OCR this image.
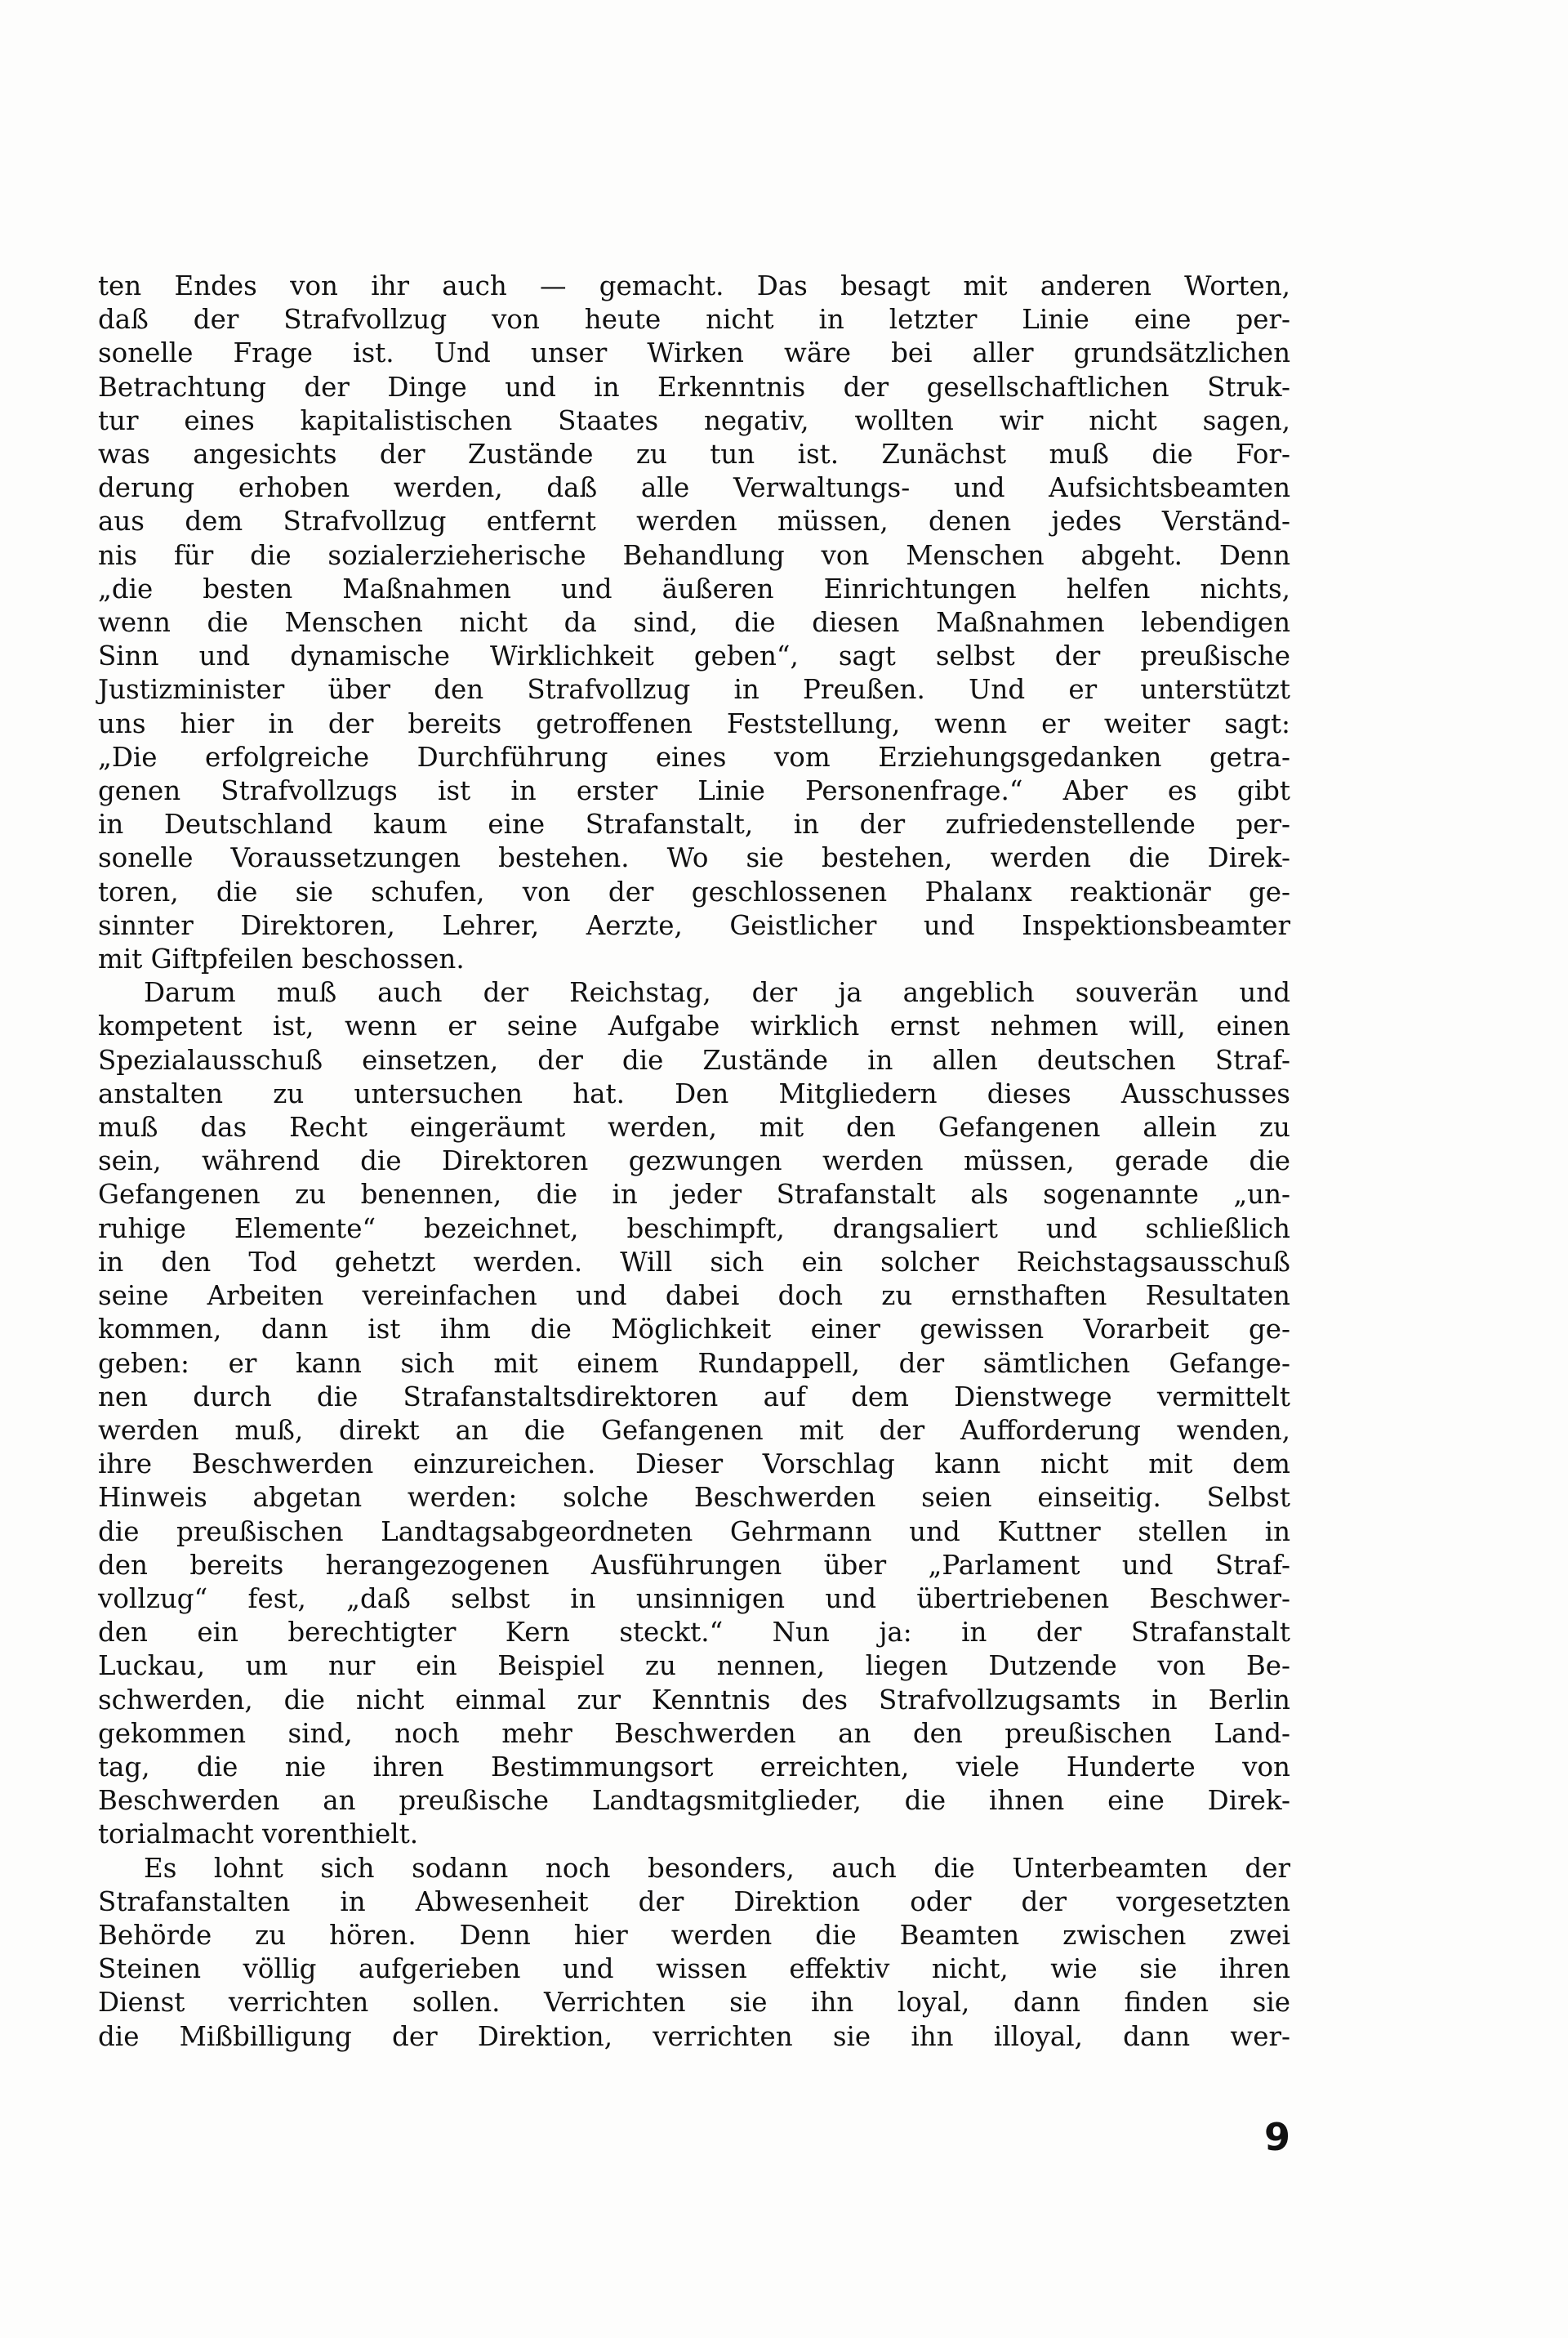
ten Endes von ihr auch — gemacht. Das besagt mit anderen Worten,
daß der Strafvollzug von heute nicht in letzter Linie eine per-
sonelle Frage ist. Und unser Wirken wäre bei aller grundsätzlichen
Betrachtung der Dinge und in Erkenntnis der gesellschaftlichen Struk-
tur eines kapitalistischen Staates negativ, wollten wir nicht sagen,
was angesichts der Zustände zu tun ist. Zunächst muß die For-
derung erhoben werden, daß alle Verwaltungs- und Aufsichtsbeamten
aus dem Strafvollzug entfernt werden müssen, denen jedes Verständ-
nis für die sozialerzieherische Behandlung von Menschen abgeht. Denn
„die besten Maßnahmen und äußeren Einrichtungen helfen nichts,
wenn die Menschen nicht da sind, die diesen Maßnahmen lebendigen
Sinn und dynamische Wirklichkeit geben“, sagt selbst der preußische
Justizminister über den Strafvollzug in Preußen. Und er unterstützt
uns hier in der bereits getroffenen Feststellung, wenn er weiter sagt:
„Die erfolgreiche Durchführung eines vom Erziehungsgedanken getra-
genen Strafvollzugs ist in erster Linie Personenfrage.“ Aber es gibt
in Deutschland kaum eine Strafanstalt, in der zufriedenstellende per-
sonelle Voraussetzungen bestehen. Wo sie bestehen, werden die Direk-
toren, die sie schufen, von der geschlossenen Phalanx reaktionär ge-
sinnter Direktoren, Lehrer, Aerzte, Geistlicher und Inspektionsbeamter
mit Giftpfeilen beschossen.
Darum muß auch der Reichstag, der ja angeblich souverän und
kompetent ist, wenn er seine Aufgabe wirklich ernst nehmen will, einen
Spezialausschuß einsetzen, der die Zustände in allen deutschen Straf-
anstalten zu untersuchen hat. Den Mitgliedern dieses Ausschusses
muß das Recht eingeräumt werden, mit den Gefangenen allein zu
sein, während die Direktoren gezwungen werden müssen, gerade die
Gefangenen zu benennen, die in jeder Strafanstalt als sogenannte „un-
ruhige Elemente“ bezeichnet, beschimpft, drangsaliert und schließlich
in den Tod gehetzt werden. Will sich ein solcher Reichstagsausschuß
seine Arbeiten vereinfachen und dabei doch zu ernsthaften Resultaten
kommen, dann ist ihm die Möglichkeit einer gewissen Vorarbeit ge-
geben: er kann sich mit einem Rundappell, der sämtlichen Gefange-
nen durch die Strafanstaltsdirektoren auf dem Dienstwege vermittelt
werden muß, direkt an die Gefangenen mit der Aufforderung wenden,
ihre Beschwerden einzureichen. Dieser Vorschlag kann nicht mit dem
Hinweis abgetan werden: solche Beschwerden seien einseitig. Selbst
die preußischen Landtagsabgeordneten Gehrmann und Kuttner stellen in
den bereits herangezogenen Ausführungen über „Parlament und Straf-
vollzug“ fest, „daß selbst in unsinnigen und übertriebenen Beschwer-
den ein berechtigter Kern steckt.“ Nun ja: in der Strafanstalt
Luckau, um nur ein Beispiel zu nennen, liegen Dutzende von Be-
schwerden, die nicht einmal zur Kenntnis des Strafvollzugsamts in Berlin
gekommen sind, noch mehr Beschwerden an den preußischen Land-
tag, die nie ihren Bestimmungsort erreichten, viele Hunderte von
Beschwerden an preußische Landtagsmitglieder, die ihnen eine Direk-
torialmacht vorenthielt.
Es lohnt sich sodann noch besonders, auch die Unterbeamten der
Strafanstalten in Abwesenheit der Direktion oder der vorgesetzten
Behörde zu hören. Denn hier werden die Beamten zwischen zwei
Steinen völlig aufgerieben und wissen effektiv nicht, wie sie ihren
Dienst verrichten sollen. Verrichten sie ihn loyal, dann finden sie
die Mißbilligung der Direktion, verrichten sie ihn illoyal, dann wer-
9
